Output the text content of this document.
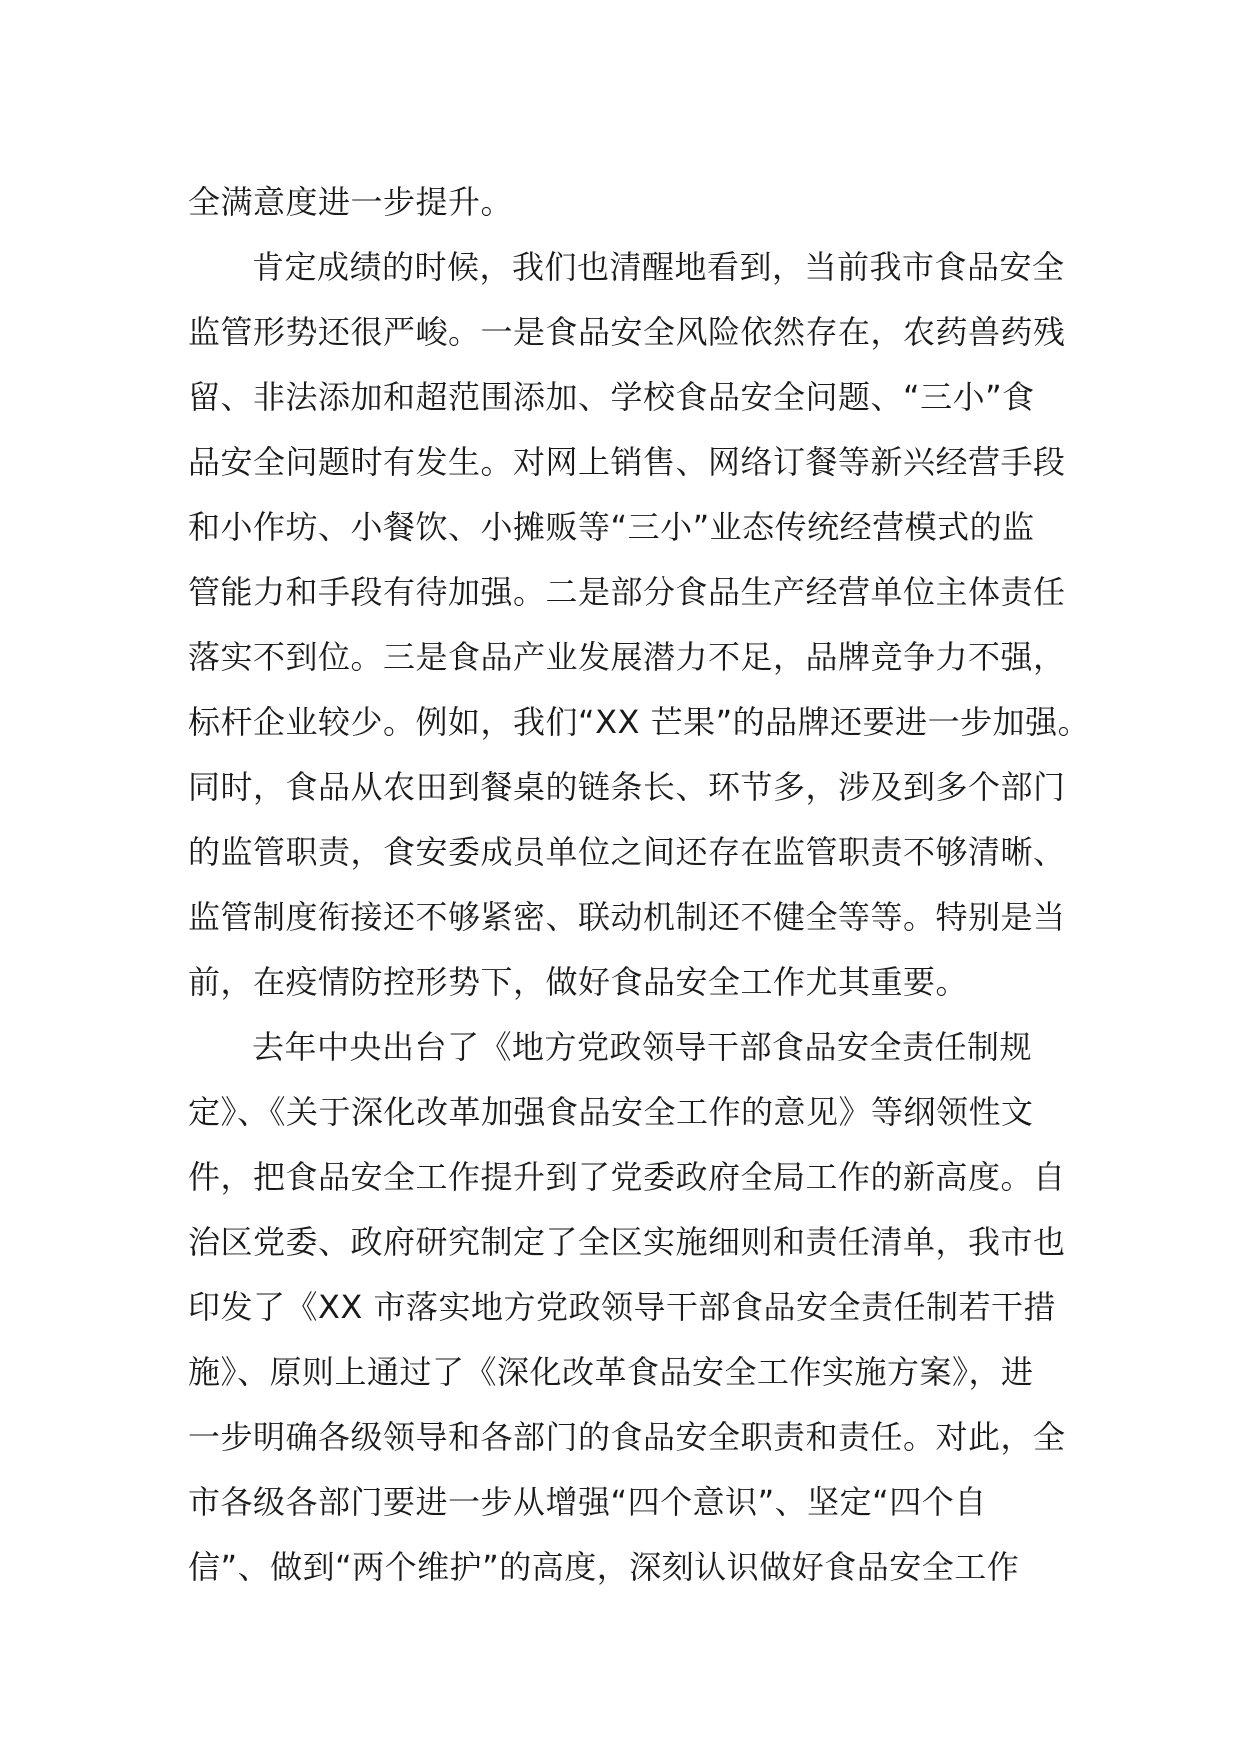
全满意度进一步提升。
肯定成绩的时候，我们也清醒地看到，当前我市食品安全
监管形势还很严峻。一是食品安全风险依然存在，农药兽药残
留、非法添加和超范围添加、学校食品安全问题、“三小”食
品安全问题时有发生。对网上销售、网络订餐等新兴经营手段
和小作坊、小餐饮、小摊贩等“三小”业态传统经营模式的监
管能力和手段有待加强。二是部分食品生产经营单位主体责任
落实不到位。三是食品产业发展潜力不足，品牌竞争力不强，
标杆企业较少。例如，我们“XX 芒果”的品牌还要进一步加强。
同时，食品从农田到餐桌的链条长、环节多，涉及到多个部门
的监管职责，食安委成员单位之间还存在监管职责不够清晰、
监管制度衔接还不够紧密、联动机制还不健全等等。特别是当
前，在疫情防控形势下，做好食品安全工作尤其重要。
去年中央出台了《地方党政领导干部食品安全责任制规
定》、《关于深化改革加强食品安全工作的意见》等纲领性文
件，把食品安全工作提升到了党委政府全局工作的新高度。自
治区党委、政府研究制定了全区实施细则和责任清单，我市也
印发了《XX 市落实地方党政领导干部食品安全责任制若干措
施》、原则上通过了《深化改革食品安全工作实施方案》，进
一步明确各级领导和各部门的食品安全职责和责任。对此，全
市各级各部门要进一步从增强“四个意识”、坚定“四个自
信”、做到“两个维护”的高度，深刻认识做好食品安全工作
